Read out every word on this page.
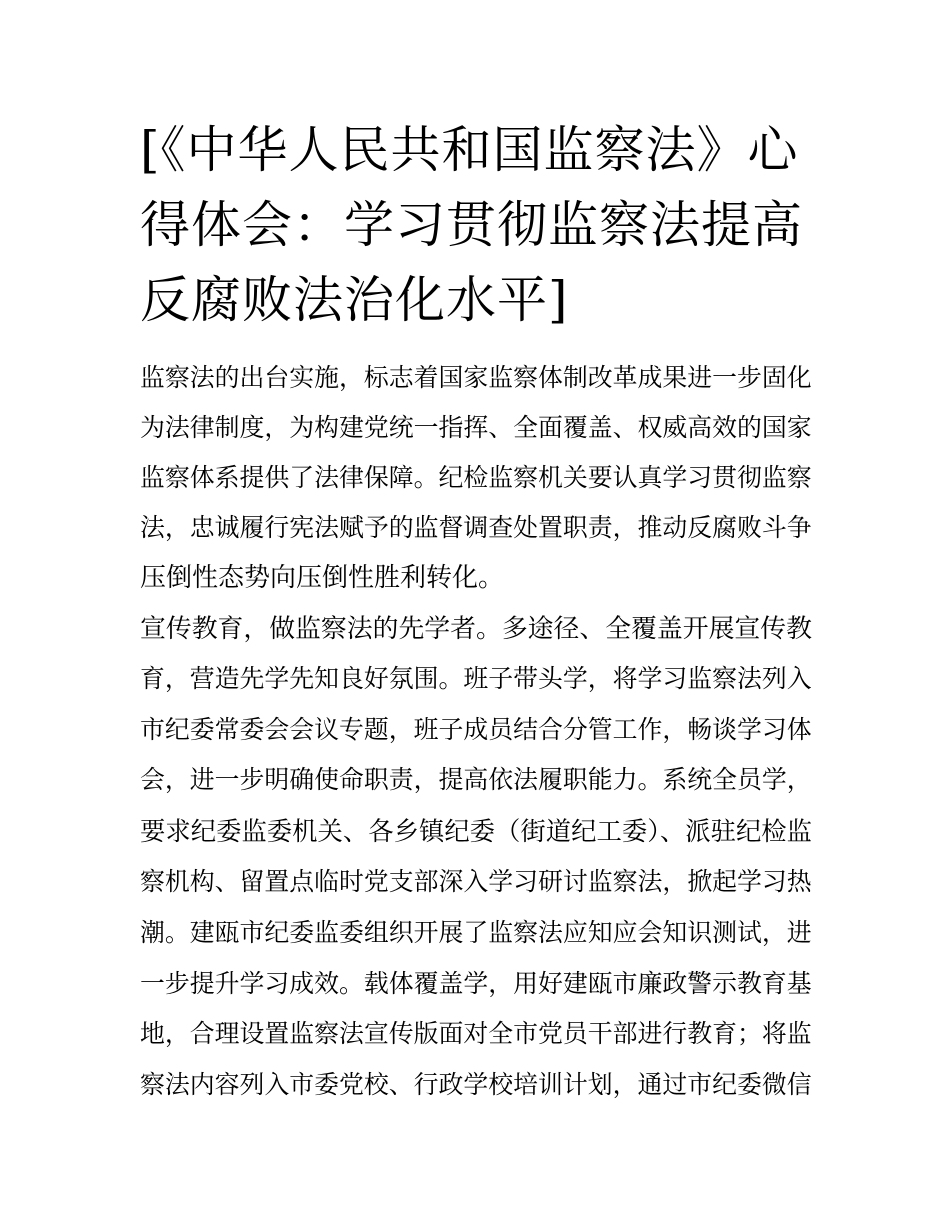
[《中华人民共和国监察法》心
得体会：学习贯彻监察法提高
反腐败法治化水平]
监察法的出台实施，标志着国家监察体制改革成果进一步固化
为法律制度，为构建党统一指挥、全面覆盖、权威高效的国家
监察体系提供了法律保障。纪检监察机关要认真学习贯彻监察
法，忠诚履行宪法赋予的监督调查处置职责，推动反腐败斗争
压倒性态势向压倒性胜利转化。
宣传教育，做监察法的先学者。多途径、全覆盖开展宣传教
育，营造先学先知良好氛围。班子带头学，将学习监察法列入
市纪委常委会会议专题，班子成员结合分管工作，畅谈学习体
会，进一步明确使命职责，提高依法履职能力。系统全员学，
要求纪委监委机关、各乡镇纪委（街道纪工委）、派驻纪检监
察机构、留置点临时党支部深入学习研讨监察法，掀起学习热
潮。建瓯市纪委监委组织开展了监察法应知应会知识测试，进
一步提升学习成效。载体覆盖学，用好建瓯市廉政警示教育基
地，合理设置监察法宣传版面对全市党员干部进行教育；将监
察法内容列入市委党校、行政学校培训计划，通过市纪委微信
